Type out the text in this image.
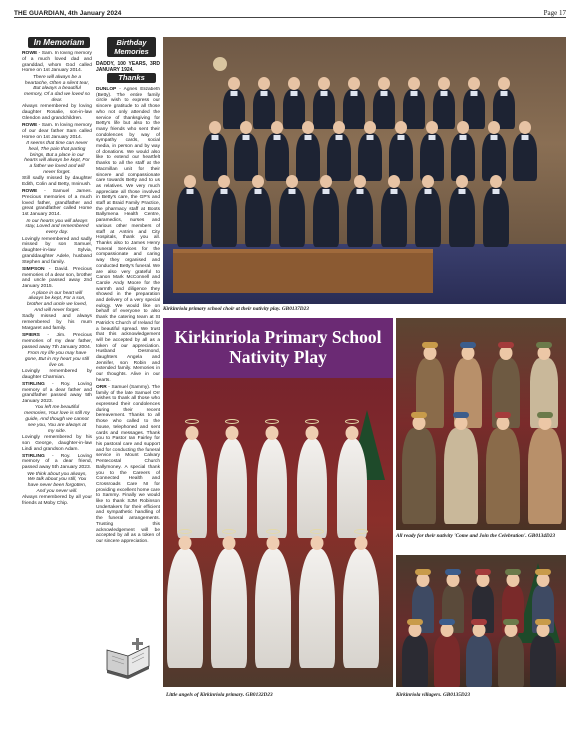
THE GUARDIAN, 4th January 2024	Page 17
In Memoriam
ROWE - Sam. In loving memory of a much loved dad and granddad, whom God called Home on 1st January 2014.
There will always be a heartache, Often a silent tear, But always a beautiful memory, Of a dad we loved so dear.
Always remembered by loving daughter Rosalie, son-in-law Glendon and grandchildren.
ROWE - Sam. In loving memory of our dear father Sam called Home on 1st January 2014.
It seems that time can never heal, The pain that parting brings, But a place in our hearts will always be kept, For a father we loved and will never forget.
Still sadly missed by daughter Edith, Colin and Betty, Inninush.
ROWE - Samuel James. Precious memories of a much loved father, grandfather and great grandfather called Home 1st January 2014.
In our hearts you will always stay, Loved and remembered every day.
Lovingly remembered and sadly missed by son Samuel, daughter-in-law Sylvia, granddaughter Adele, husband Stephen and family.
SIMPSON - David. Precious memories of a dear son, brother and uncle passed away 2nd January 2015.
A place in our heart will always be kept, For a son, brother and uncle we loved, And will never forget.
Sadly missed and always remembered by his mum Margaret and family.
SPIERS - Jim. Precious memories of my dear father, passed away 7th January 2004.
From my life you may have gone, But in my heart you still live on.
Lovingly remembered by daughter Charmian.
STIRLING - Roy. Loving memory of a dear father and grandfather passed away 5th January 2023.
You left me beautiful memories, Your love is still my guide, And though we cannot see you, You are always at my side.
Lovingly remembered by his son George, daughter-in-law Lindi and grandson Adam.
STIRLING - Roy. Loving memory of a dear friend, passed away 5th January 2023.
We think about you always, We talk about you still, You have never been forgotten, And you never will.
Always remembered by all your friends at Moby Chip.
Birthday
Memories
DADDY, 100 YEARS, 3RD JANUARY 1924.
Thanks

DUNLOP - Agnes Elizabeth (Betty). The entire family circle wish to express our sincere gratitude to all those who not only attended the service of thanksgiving for Betty's life but also to the many friends who sent their condolences by way of sympathy cards, social media, in person and by way of donations. We would also like to extend our heartfelt thanks to all the staff at the Macmillan unit for their sincere and compassionate care towards Betty and to us as relatives. We very much appreciate all those involved in Betty's care, the GP's and staff at Braid Family Practice, the pharmacy staff at Boots Ballymena Health Centre, paramedics, nurses and various other members of staff at Antrim and City Hospitals, thank you all. Thanks also to James Henry Funeral Services for the compassionate and caring way they organised and conducted Betty's funeral. We are also very grateful to Canon Mark McConnell and Carole Andy Moore for the warmth and diligence they showed in the preparation and delivery of a very special eulogy. We would like on behalf of everyone to also thank the catering team at St Patrick's Church of Ireland for a beautiful spread. We trust that this acknowledgement will be accepted by all as a token of our appreciation. Husband Desmond, daughters Angela and Jennifer, son Robin and extended family. Memories in our thoughts. Alive in our hearts.

ORR - Samuel (Sammy). The family of the late Samuel Orr wishes to thank all those who expressed their condolences during their recent bereavement. Thanks to all those who called to the house, telephoned and sent cards and messages. Thank you to Pastor Ian Fairley for his pastoral care and support and for conducting the funeral service in Mount Calvary Pentecostal Church Ballymoney. A special thank you to the Careers of Connected Health and Crossroads Care NI for providing excellent home care to Sammy. Finally we would like to thank SJM Robinson Undertakers for their efficient and sympathetic handling of the funeral arrangements. Trusting this acknowledgement will be accepted by all as a token of our sincere appreciation.

Kirkinriola primary school choir at their nativity play. GB0137D23
Kirkinriola Primary School Nativity Play
Little angels of Kirkinriola primary. GB0132D23
All ready for their nativity 'Come and Join the Celebration'. GB0134D23
Kirkinriola villagers. GB0135D23
